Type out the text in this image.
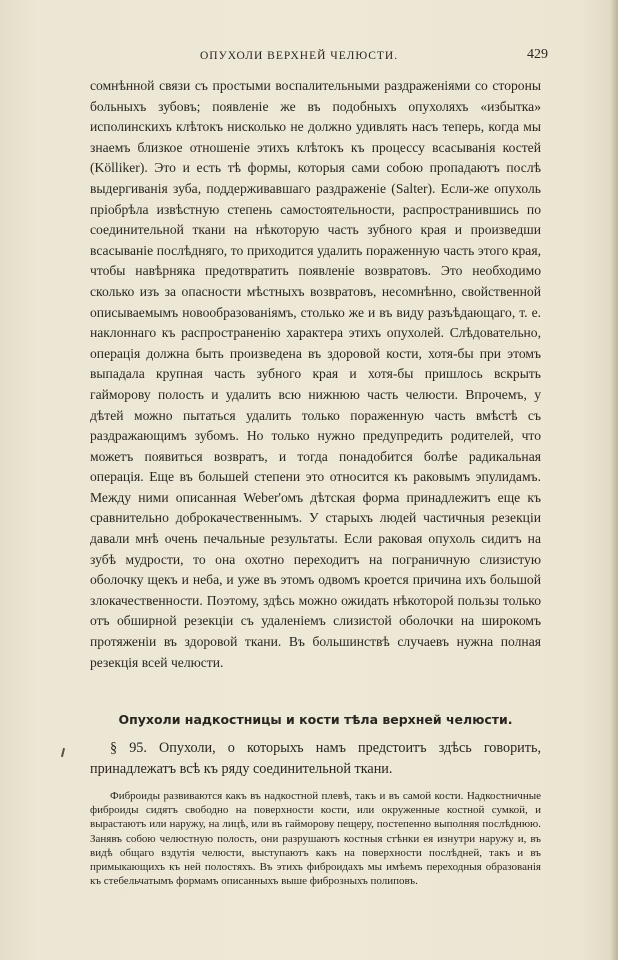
ОПУХОЛИ ВЕРХНЕЙ ЧЕЛЮСТИ.	429

сомнѣнной связи съ простыми воспалительными раздраженiями со стороны больныхъ зубовъ; появленiе же въ подобныхъ опухоляхъ «избытка» исполинскихъ клѣтокъ нисколько не должно удивлять насъ теперь, когда мы знаемъ близкое отношенiе этихъ клѣтокъ къ процессу всасыванiя костей (Kölliker). Это и есть тѣ формы, которыя сами собою пропадаютъ послѣ выдергиванiя зуба, поддерживавшаго раздраженiе (Salter). Если-же опухоль прiобрѣла извѣстную степень самостоятельности, распространившись по соединительной ткани на нѣкоторую часть зубного края и произведши всасыванiе послѣдняго, то приходится удалить пораженную часть этого края, чтобы навѣрняка предотвратить появленiе возвратовъ. Это необходимо сколько изъ за опасности мѣстныхъ возвратовъ, несомнѣнно, свойственной описываемымъ новообразованiямъ, столько же и въ виду разъѣдающаго, т. е. наклоннаго къ распространенiю характера этихъ опухолей. Слѣдовательно, операцiя должна быть произведена въ здоровой кости, хотя-бы при этомъ выпадала крупная часть зубного края и хотя-бы пришлось вскрыть гайморову полость и удалить всю нижнюю часть челюсти. Впрочемъ, у дѣтей можно пытаться удалить только пораженную часть вмѣстѣ съ раздражающимъ зубомъ. Но только нужно предупредить родителей, что можетъ появиться возвратъ, и тогда понадобится болѣе радикальная операцiя. Еще въ большей степени это относится къ раковымъ эпулидамъ. Между ними описанная Weber'омъ дѣтская форма принадлежитъ еще къ сравнительно доброкачественнымъ. У старыхъ людей частичныя резекцiи давали мнѣ очень печальные результаты. Если раковая опухоль сидитъ на зубѣ мудрости, то она охотно переходитъ на пограничную слизистую оболочку щекъ и неба, и уже въ этомъ одвомъ кроется причина ихъ большой злокачественности. Поэтому, здѣсь можно ожидать нѣкоторой пользы только отъ обширной резекцiи съ удаленiемъ слизистой оболочки на широкомъ протяженiи въ здоровой ткани. Въ большинствѣ случаевъ нужна полная резекцiя всей челюсти.

Опухоли надкостницы и кости тѣла верхней челюсти.

§ 95. Опухоли, о которыхъ намъ предстоитъ здѣсь говорить, принадлежатъ всѣ къ ряду соединительной ткани.

Фиброиды развиваются какъ въ надкостной плевѣ, такъ и въ самой кости. Надкостничные фиброиды сидятъ свободно на поверхности кости, или окруженные костной сумкой, и вырастаютъ или наружу, на лицѣ, или въ гайморову пещеру, постепенно выполняя послѣднюю. Занявъ собою челюстную полость, они разрушаютъ костныя стѣнки ея изнутри наружу и, въ видѣ общаго вздутiя челюсти, выступаютъ какъ на поверхности послѣдней, такъ и въ примыкающихъ къ ней полостяхъ. Въ этихъ фиброидахъ мы имѣемъ переходныя образованiя къ стебельчатымъ формамъ описанныхъ выше фиброзныхъ полиповъ.
